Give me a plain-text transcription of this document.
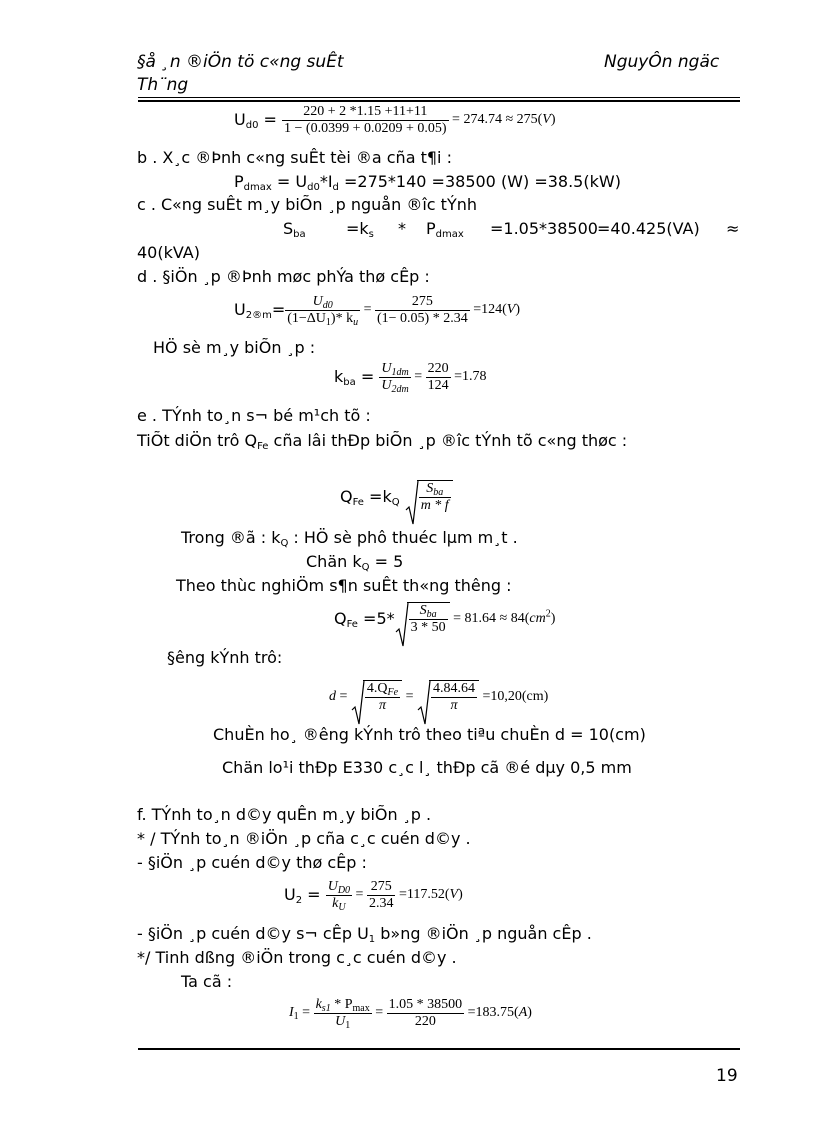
§å ¸n ®iÖn tö c«ng suÊt
Th¨ng
NguyÔn ngäc
$U_{d0} = \frac{220 + 2 *1.15 +11+11}{1 - (0.0399 + 0.0209 + 0.05)} = 274.74 \approx 275(V)$
b . X¸c ®Þnh c«ng suÊt tèi ®a cña t¶i :
$P_{dmax} = U_{d0}*I_d =275*140 =38500$ (W) =38.5(kW)
c . C«ng suÊt m¸y biÕn ¸p nguån ®îc tÝnh
$S_{ba}$	$=k_s * P_{dmax} =1.05*38500 =40.425(VA)$ ≈
40(kVA)
d . §iÖn ¸p ®Þnh møc phÝa thø cÊp :
$U_{2®m}= \frac{U_{d0}}{(1-\Delta U_1)* k_u} = \frac{275}{(1- 0.05) * 2.34} =124(V)$
HÖ sè m¸y biÕn ¸p :
$k_{ba} = \frac{U_{1dm}}{U_{2dm}} = \frac{220}{124} =1.78$
e . TÝnh to¸n s¬ bé m¹ch tõ :
TiÕt diÖn trô $Q_{Fe}$ cña lâi thÐp biÕn ¸p ®îc tÝnh tõ c«ng thøc :
$Q_{Fe} =k_Q$	$\frac{S_{ba}}{m * f}$
Trong ®ã : $k_Q$ : HÖ sè phô thuéc lµm m¸t .
Chän $k_Q = 5$
Theo thùc nghiÖm s¶n suÊt th«ng thêng :
$Q_{Fe} =5* \frac{S_{ba}}{3 * 50} = 81.64 \approx 84(cm^2)$
§êng kÝnh trô:
$d = \frac{4.Q_{Fe}}{\pi} = \frac{4.84.64}{\pi} =10,20(cm)$
ChuÈn ho¸ ®êng kÝnh trô theo tiªu chuÈn d = 10(cm)
Chän lo¹i thÐp E330 c¸c l¸ thÐp cã ®é dµy 0,5 mm
f. TÝnh to¸n d©y quÊn m¸y biÕn ¸p .
* / TÝnh to¸n ®iÖn ¸p cña c¸c cuén d©y .
- §iÖn ¸p cuén d©y thø cÊp :
$U_2 = \frac{U_{D0}}{k_U} = \frac{275}{2.34} =117.52(V)$
- §iÖn ¸p cuén d©y s¬ cÊp $U_1$ b»ng ®iÖn ¸p nguån cÊp .
*/ Tinh dßng ®iÖn trong c¸c cuén d©y .
Ta cã :
$I_1 = \frac{k_{s1} * P_{max}}{U_1} = \frac{1.05 * 38500}{220} =183.75(A)$
19
